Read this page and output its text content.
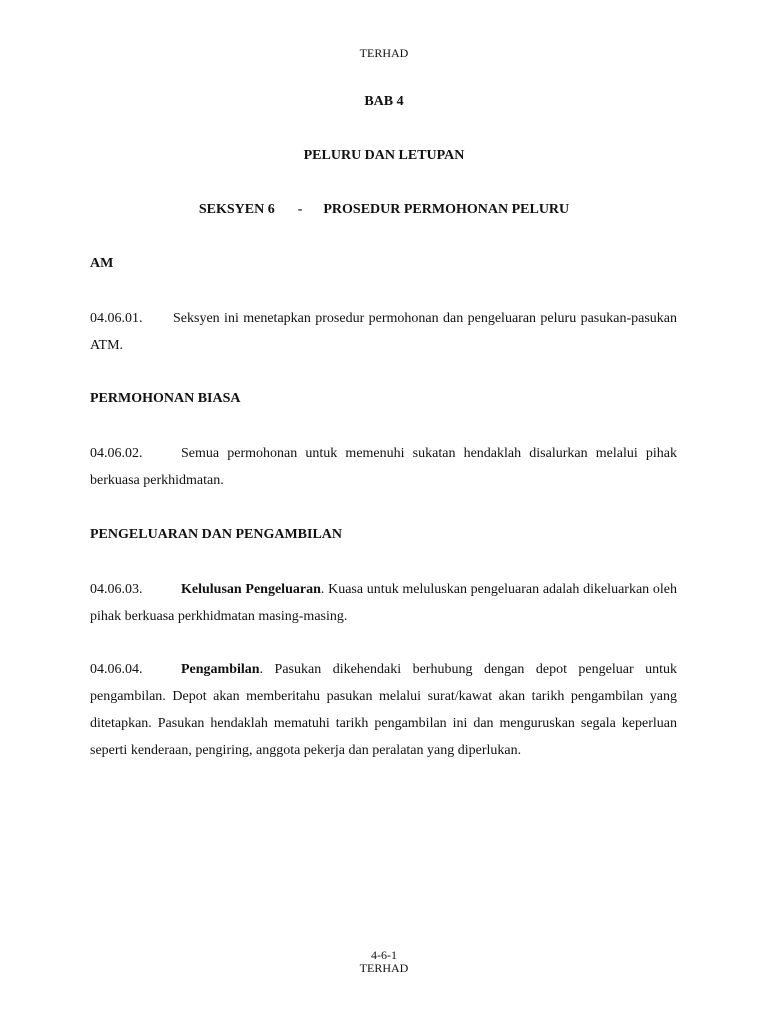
TERHAD
BAB 4
PELURU DAN LETUPAN
SEKSYEN 6 - PROSEDUR PERMOHONAN PELURU
AM
04.06.01. Seksyen ini menetapkan prosedur permohonan dan pengeluaran peluru pasukan-pasukan ATM.
PERMOHONAN BIASA
04.06.02.	Semua permohonan untuk memenuhi sukatan hendaklah disalurkan melalui pihak berkuasa perkhidmatan.
PENGELUARAN DAN PENGAMBILAN
04.06.03.	Kelulusan Pengeluaran. Kuasa untuk meluluskan pengeluaran adalah dikeluarkan oleh pihak berkuasa perkhidmatan masing-masing.
04.06.04.	Pengambilan. Pasukan dikehendaki berhubung dengan depot pengeluar untuk pengambilan. Depot akan memberitahu pasukan melalui surat/kawat akan tarikh pengambilan yang ditetapkan. Pasukan hendaklah mematuhi tarikh pengambilan ini dan menguruskan segala keperluan seperti kenderaan, pengiring, anggota pekerja dan peralatan yang diperlukan.
4-6-1
TERHAD
